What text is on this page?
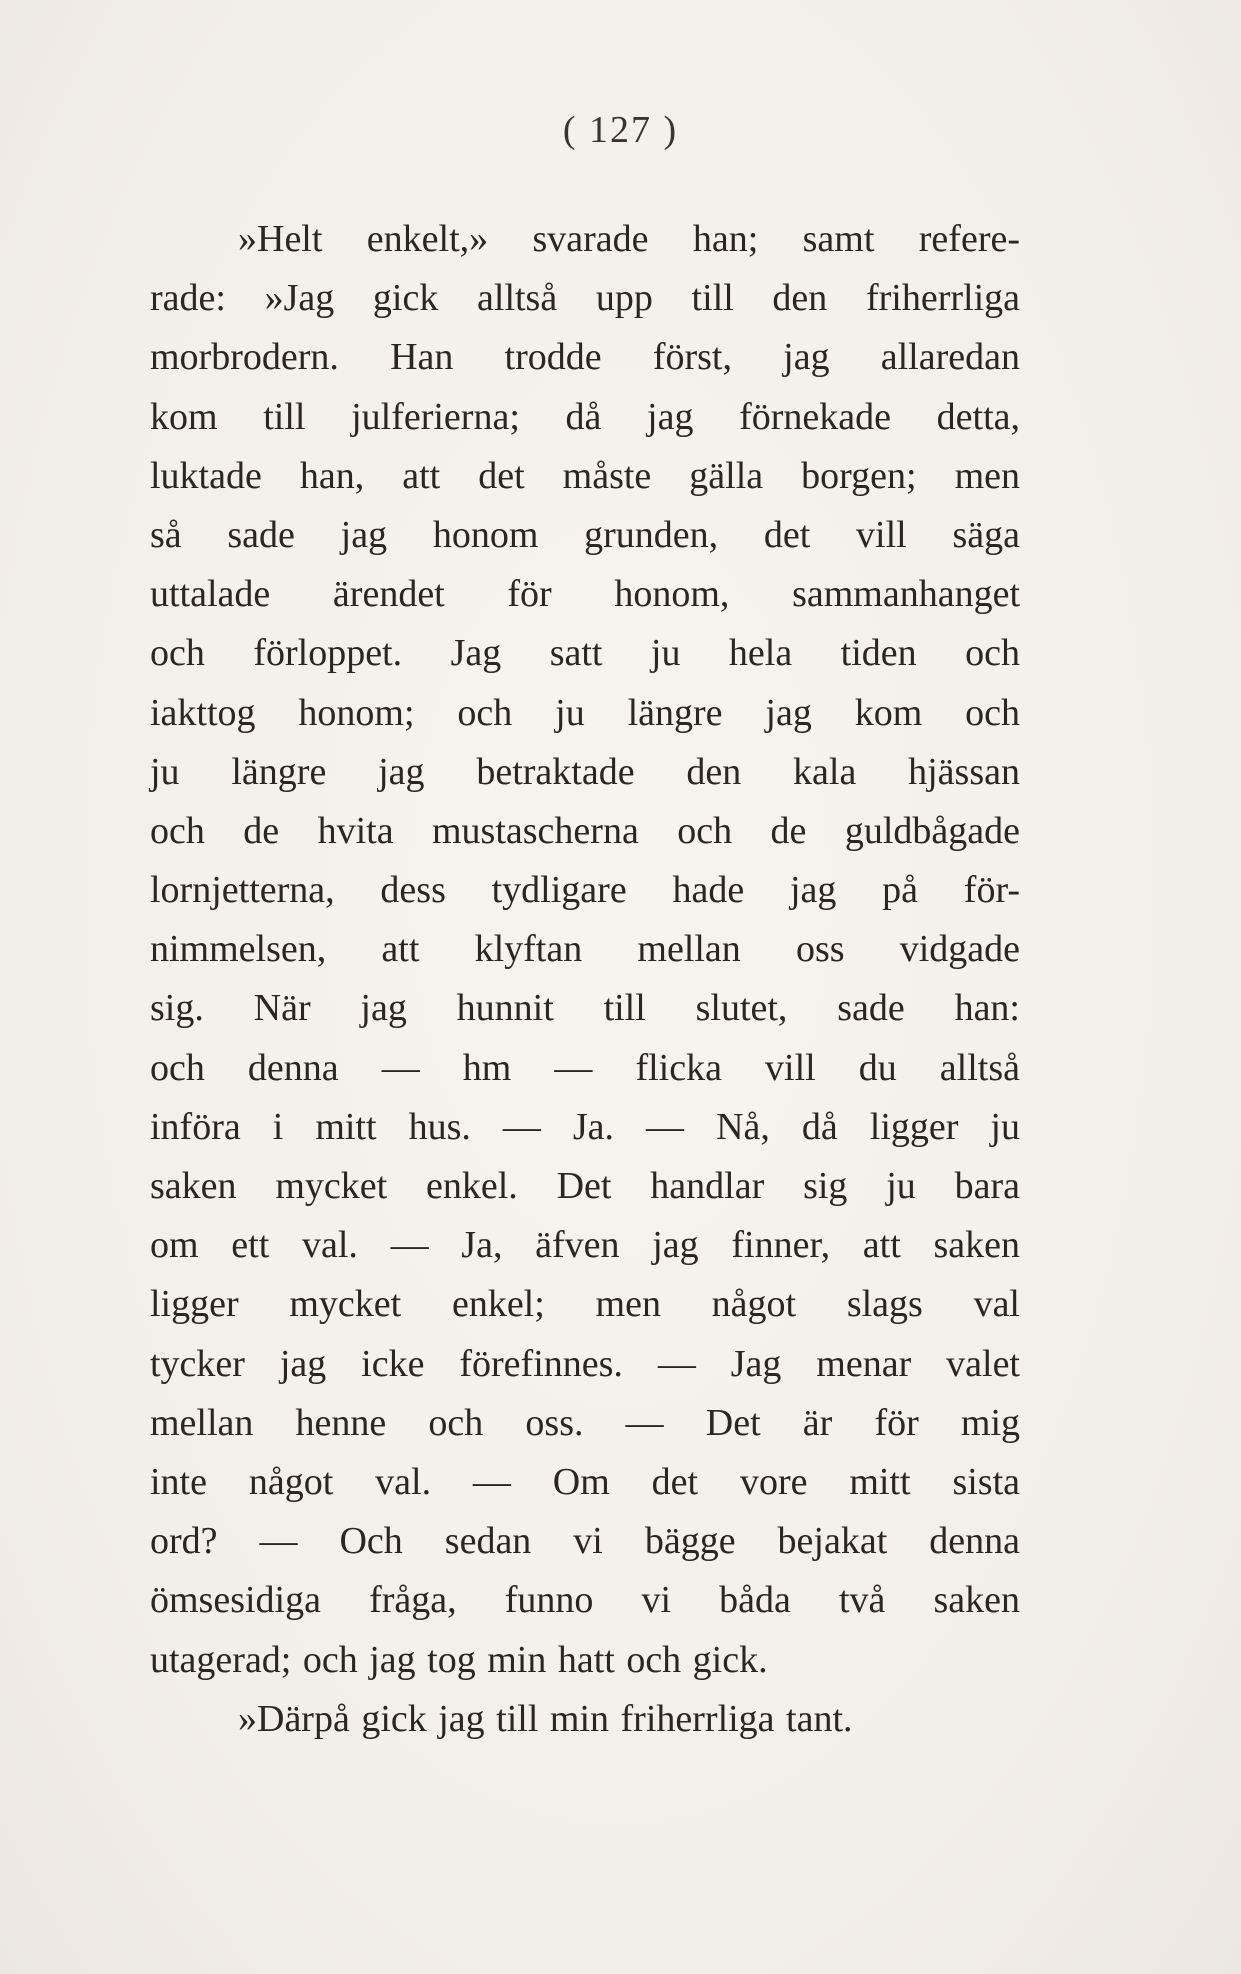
( 127 )
»Helt enkelt,» svarade han; samt refere-
rade: »Jag gick alltså upp till den friherrliga
morbrodern. Han trodde först, jag allaredan
kom till julferierna; då jag förnekade detta,
luktade han, att det måste gälla borgen; men
så sade jag honom grunden, det vill säga
uttalade ärendet för honom, sammanhanget
och förloppet. Jag satt ju hela tiden och
iakttog honom; och ju längre jag kom och
ju längre jag betraktade den kala hjässan
och de hvita mustascherna och de guldbågade
lornjetterna, dess tydligare hade jag på för-
nimmelsen, att klyftan mellan oss vidgade
sig. När jag hunnit till slutet, sade han:
och denna — hm — flicka vill du alltså
införa i mitt hus. — Ja. — Nå, då ligger ju
saken mycket enkel. Det handlar sig ju bara
om ett val. — Ja, äfven jag finner, att saken
ligger mycket enkel; men något slags val
tycker jag icke förefinnes. — Jag menar valet
mellan henne och oss. — Det är för mig
inte något val. — Om det vore mitt sista
ord? — Och sedan vi bägge bejakat denna
ömsesidiga fråga, funno vi båda två saken
utagerad; och jag tog min hatt och gick.
»Därpå gick jag till min friherrliga tant.
